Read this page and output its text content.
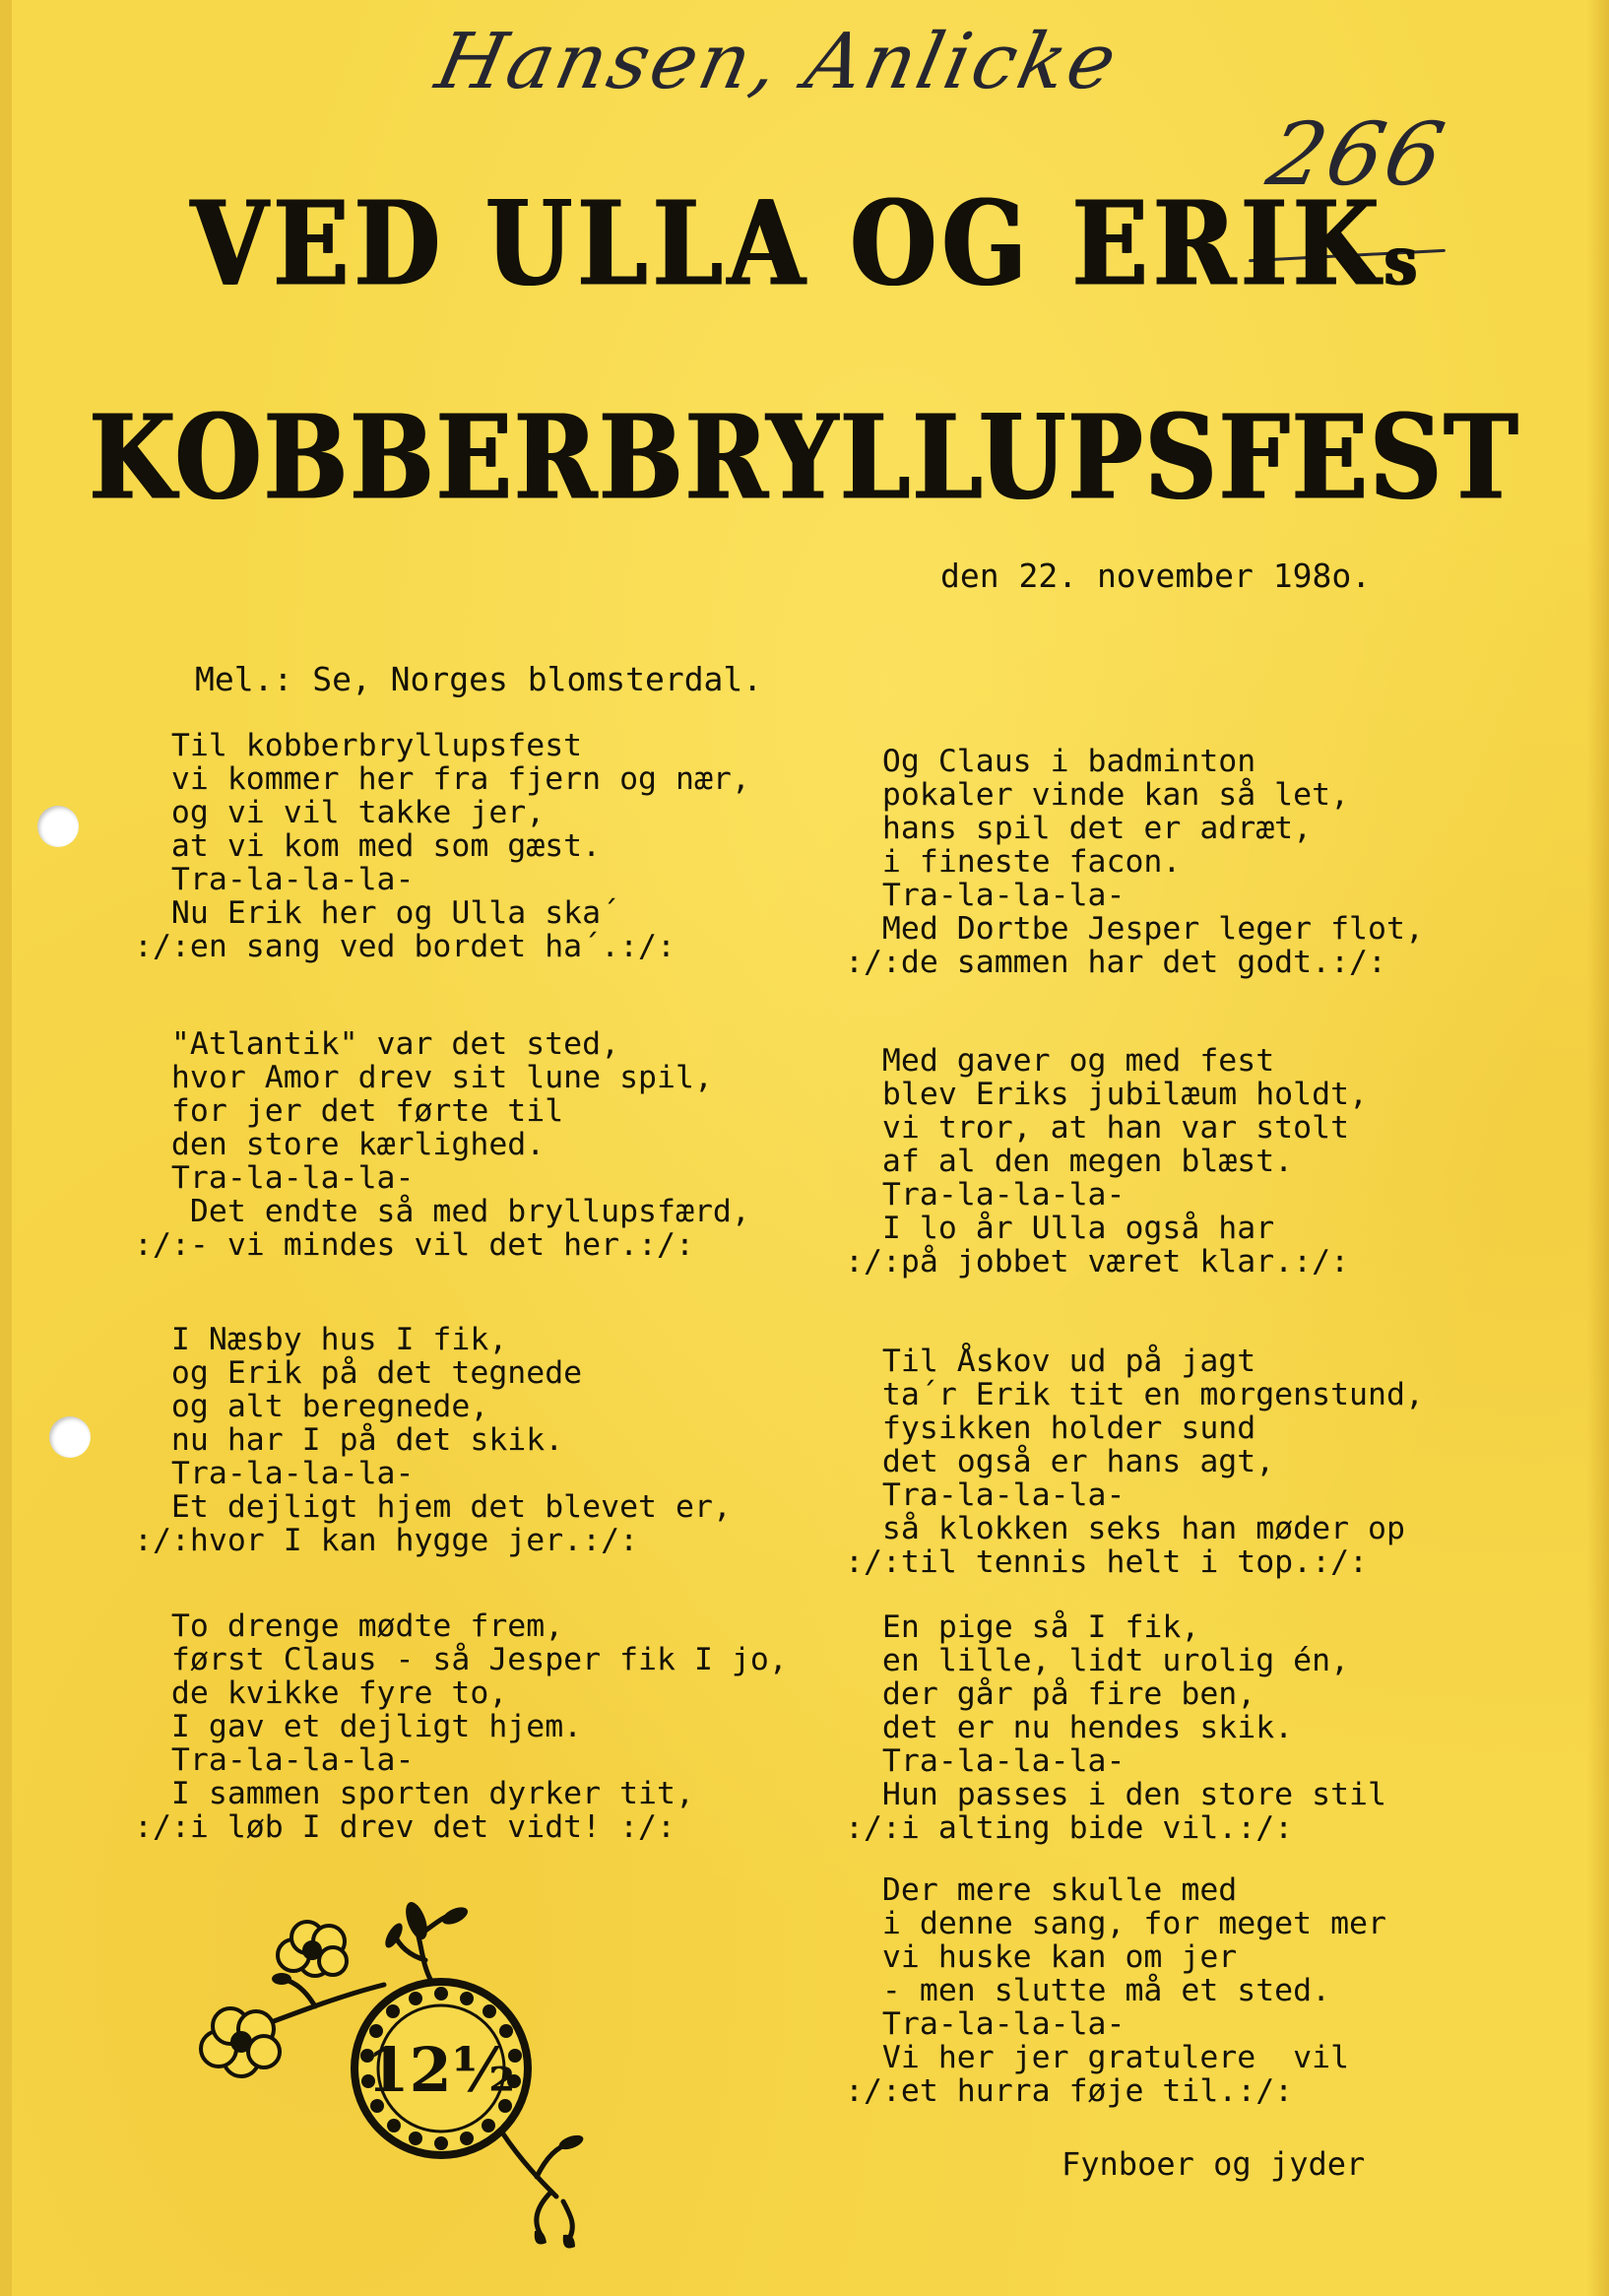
Hansen, Anlicke
266
VED ULLA OG ERIKs
KOBBERBRYLLUPSFEST
den 22. november 198o.
Mel.: Se, Norges blomsterdal.
Til kobberbryllupsfest
vi kommer her fra fjern og nær,
og vi vil takke jer,
at vi kom med som gæst.
Tra-la-la-la-
Nu Erik her og Ulla ska´
:/:en sang ved bordet ha´.:/:
"Atlantik" var det sted,
hvor Amor drev sit lune spil,
for jer det førte til
den store kærlighed.
Tra-la-la-la-
Det endte så med bryllupsfærd,
:/:- vi mindes vil det her.:/:
I Næsby hus I fik,
og Erik på det tegnede
og alt beregnede,
nu har I på det skik.
Tra-la-la-la-
Et dejligt hjem det blevet er,
:/:hvor I kan hygge jer.:/:
To drenge mødte frem,
først Claus - så Jesper fik I jo,
de kvikke fyre to,
I gav et dejligt hjem.
Tra-la-la-la-
I sammen sporten dyrker tit,
:/:i løb I drev det vidt! :/:
Og Claus i badminton
pokaler vinde kan så let,
hans spil det er adræt,
i fineste facon.
Tra-la-la-la-
Med Dortbe Jesper leger flot,
:/:de sammen har det godt.:/:
Med gaver og med fest
blev Eriks jubilæum holdt,
vi tror, at han var stolt
af al den megen blæst.
Tra-la-la-la-
I lo år Ulla også har
:/:på jobbet været klar.:/:
Til Åskov ud på jagt
ta´r Erik tit en morgenstund,
fysikken holder sund
det også er hans agt,
Tra-la-la-la-
så klokken seks han møder op
:/:til tennis helt i top.:/:
En pige så I fik,
en lille, lidt urolig én,
der går på fire ben,
det er nu hendes skik.
Tra-la-la-la-
Hun passes i den store stil
:/:i alting bide vil.:/:
Der mere skulle med
i denne sang, for meget mer
vi huske kan om jer
- men slutte må et sted.
Tra-la-la-la-
Vi her jer gratulere  vil
:/:et hurra føje til.:/:
Fynboer og jyder
12½
